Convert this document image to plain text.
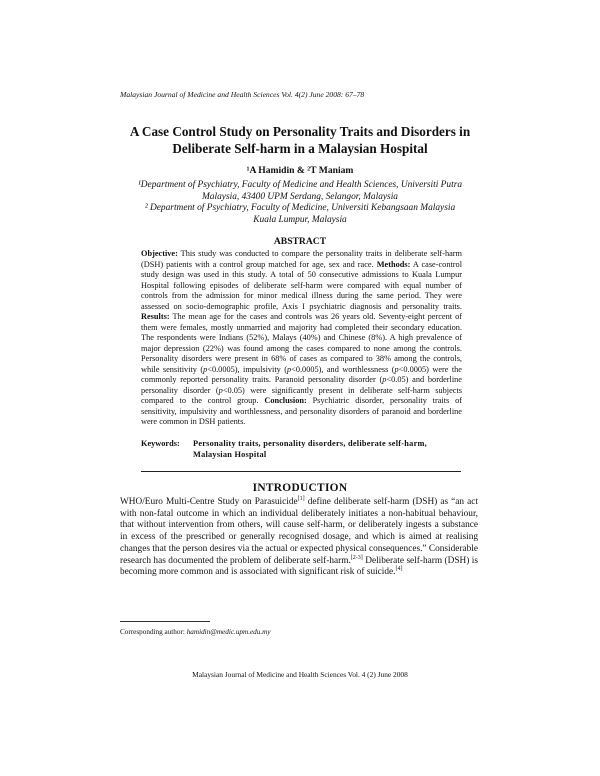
Malaysian Journal of Medicine and Health Sciences Vol. 4(2) June 2008: 67–78
A Case Control Study on Personality Traits and Disorders in
Deliberate Self-harm in a Malaysian Hospital
¹A Hamidin & ²T Maniam
¹Department of Psychiatry, Faculty of Medicine and Health Sciences, Universiti Putra
Malaysia, 43400 UPM Serdang, Selangor, Malaysia
² Department of Psychiatry, Faculty of Medicine, Universiti Kebangsaan Malaysia
Kuala Lumpur, Malaysia
ABSTRACT

Objective: This study was conducted to compare the personality traits in deliberate self-harm (DSH) patients with a control group matched for age, sex and race. Methods: A case-control study design was used in this study. A total of 50 consecutive admissions to Kuala Lumpur Hospital following episodes of deliberate self-harm were compared with equal number of controls from the admission for minor medical illness during the same period. They were assessed on socio-demographic profile, Axis I psychiatric diagnosis and personality traits. Results: The mean age for the cases and controls was 26 years old. Seventy-eight percent of them were females, mostly unmarried and majority had completed their secondary education. The respondents were Indians (52%), Malays (40%) and Chinese (8%). A high prevalence of major depression (22%) was found among the cases compared to none among the controls. Personality disorders were present in 68% of cases as compared to 38% among the controls, while sensitivity (p<0.0005), impulsivity (p<0.0005), and worthlessness (p<0.0005) were the commonly reported personality traits. Paranoid personality disorder (p<0.05) and borderline personality disorder (p<0.05) were significantly present in deliberate self-harm subjects compared to the control group. Conclusion: Psychiatric disorder, personality traits of sensitivity, impulsivity and worthlessness, and personality disorders of paranoid and borderline were common in DSH patients.

Keywords:	Personality traits, personality disorders, deliberate self-harm,
Malaysian Hospital
INTRODUCTION

WHO/Euro Multi-Centre Study on Parasuicide[1] define deliberate self-harm (DSH) as “an act with non-fatal outcome in which an individual deliberately initiates a non-habitual behaviour, that without intervention from others, will cause self-harm, or deliberately ingests a substance in excess of the prescribed or generally recognised dosage, and which is aimed at realising changes that the person desires via the actual or expected physical consequences.” Considerable research has documented the problem of deliberate self-harm.[2-3] Deliberate self-harm (DSH) is becoming more common and is associated with significant risk of suicide.[4]

Corresponding author: hamidin@medic.upm.edu.my
Malaysian Journal of Medicine and Health Sciences Vol. 4 (2) June 2008
